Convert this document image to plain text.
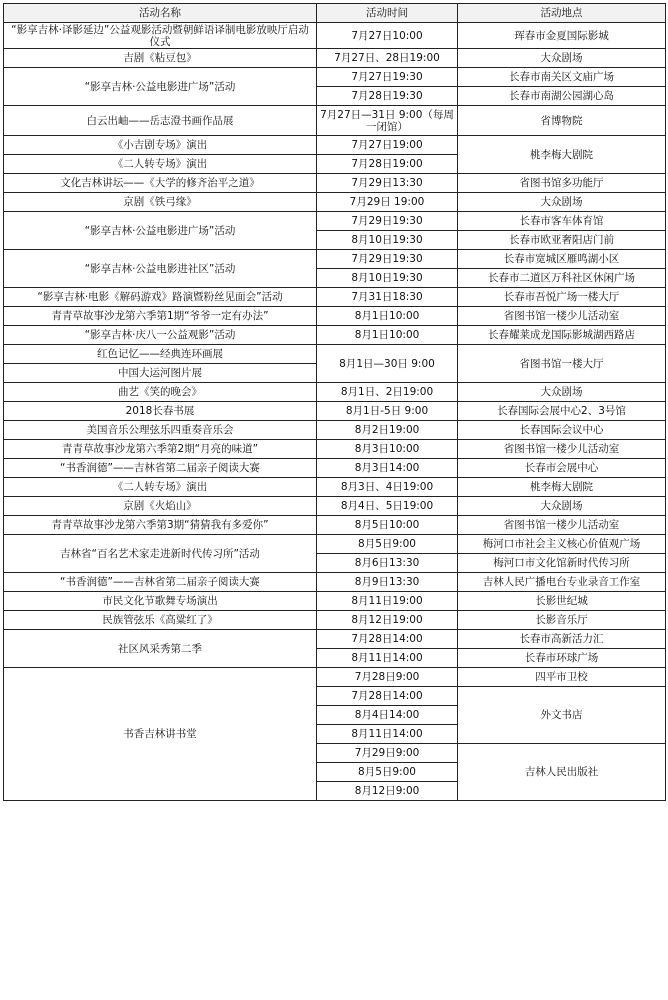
活动名称	活动时间	活动地点
“影享吉林·译影延边”公益观影活动暨朝鲜语译制电影放映厅启动仪式	7月27日10:00	珲春市金夏国际影城
吉剧《粘豆包》	7月27日、28日19:00	大众剧场
“影享吉林·公益电影进广场”活动	7月27日19:30	长春市南关区文庙广场
	7月28日19:30	长春市南湖公园湖心岛
白云出岫——岳志澄书画作品展	7月27日—31日 9:00（每周一闭馆）	省博物院
《小吉剧专场》演出	7月27日19:00	桃李梅大剧院
《二人转专场》演出	7月28日19:00	
文化吉林讲坛——《大学的修齐治平之道》	7月29日13:30	省图书馆多功能厅
京剧《铁弓缘》	7月29日 19:00	大众剧场
“影享吉林·公益电影进广场”活动	7月29日19:30	长春市客车体育馆
	8月10日19:30	长春市欧亚奢阳店门前
“影享吉林·公益电影进社区”活动	7月29日19:30	长春市宽城区雁鸣湖小区
	8月10日19:30	长春市二道区万科社区休闲广场
“影享吉林·电影《解码游戏》路演暨粉丝见面会”活动	7月31日18:30	长春市吾悦广场一楼大厅
青青草故事沙龙第六季第1期“爷爷一定有办法”	8月1日10:00	省图书馆一楼少儿活动室
“影享吉林·庆八一公益观影”活动	8月1日10:00	长春耀莱成龙国际影城湖西路店
红色记忆——经典连环画展	8月1日—30日 9:00	省图书馆一楼大厅
中国大运河图片展		
曲艺《笑的晚会》	8月1日、2日19:00	大众剧场
2018长春书展	8月1日-5日 9:00	长春国际会展中心2、3号馆
美国音乐公理弦乐四重奏音乐会	8月2日19:00	长春国际会议中心
青青草故事沙龙第六季第2期“月亮的味道”	8月3日10:00	省图书馆一楼少儿活动室
“书香润德”——吉林省第二届亲子阅读大赛	8月3日14:00	长春市会展中心
《二人转专场》演出	8月3日、4日19:00	桃李梅大剧院
京剧《火焰山》	8月4日、5日19:00	大众剧场
青青草故事沙龙第六季第3期“猜猜我有多爱你”	8月5日10:00	省图书馆一楼少儿活动室
吉林省“百名艺术家走进新时代传习所”活动	8月5日9:00	梅河口市社会主义核心价值观广场
	8月6日13:30	梅河口市文化馆新时代传习所
“书香润德”——吉林省第二届亲子阅读大赛	8月9日13:30	吉林人民广播电台专业录音工作室
市民文化节歌舞专场演出	8月11日19:00	长影世纪城
民族管弦乐《高粱红了》	8月12日19:00	长影音乐厅
社区风采秀第二季	7月28日14:00	长春市高新活力汇
	8月11日14:00	长春市环球广场
书香吉林讲书堂	7月28日9:00	四平市卫校
	7月28日14:00	外文书店
	8月4日14:00	
	8月11日14:00	
	7月29日9:00	吉林人民出版社
	8月5日9:00	
	8月12日9:00	
